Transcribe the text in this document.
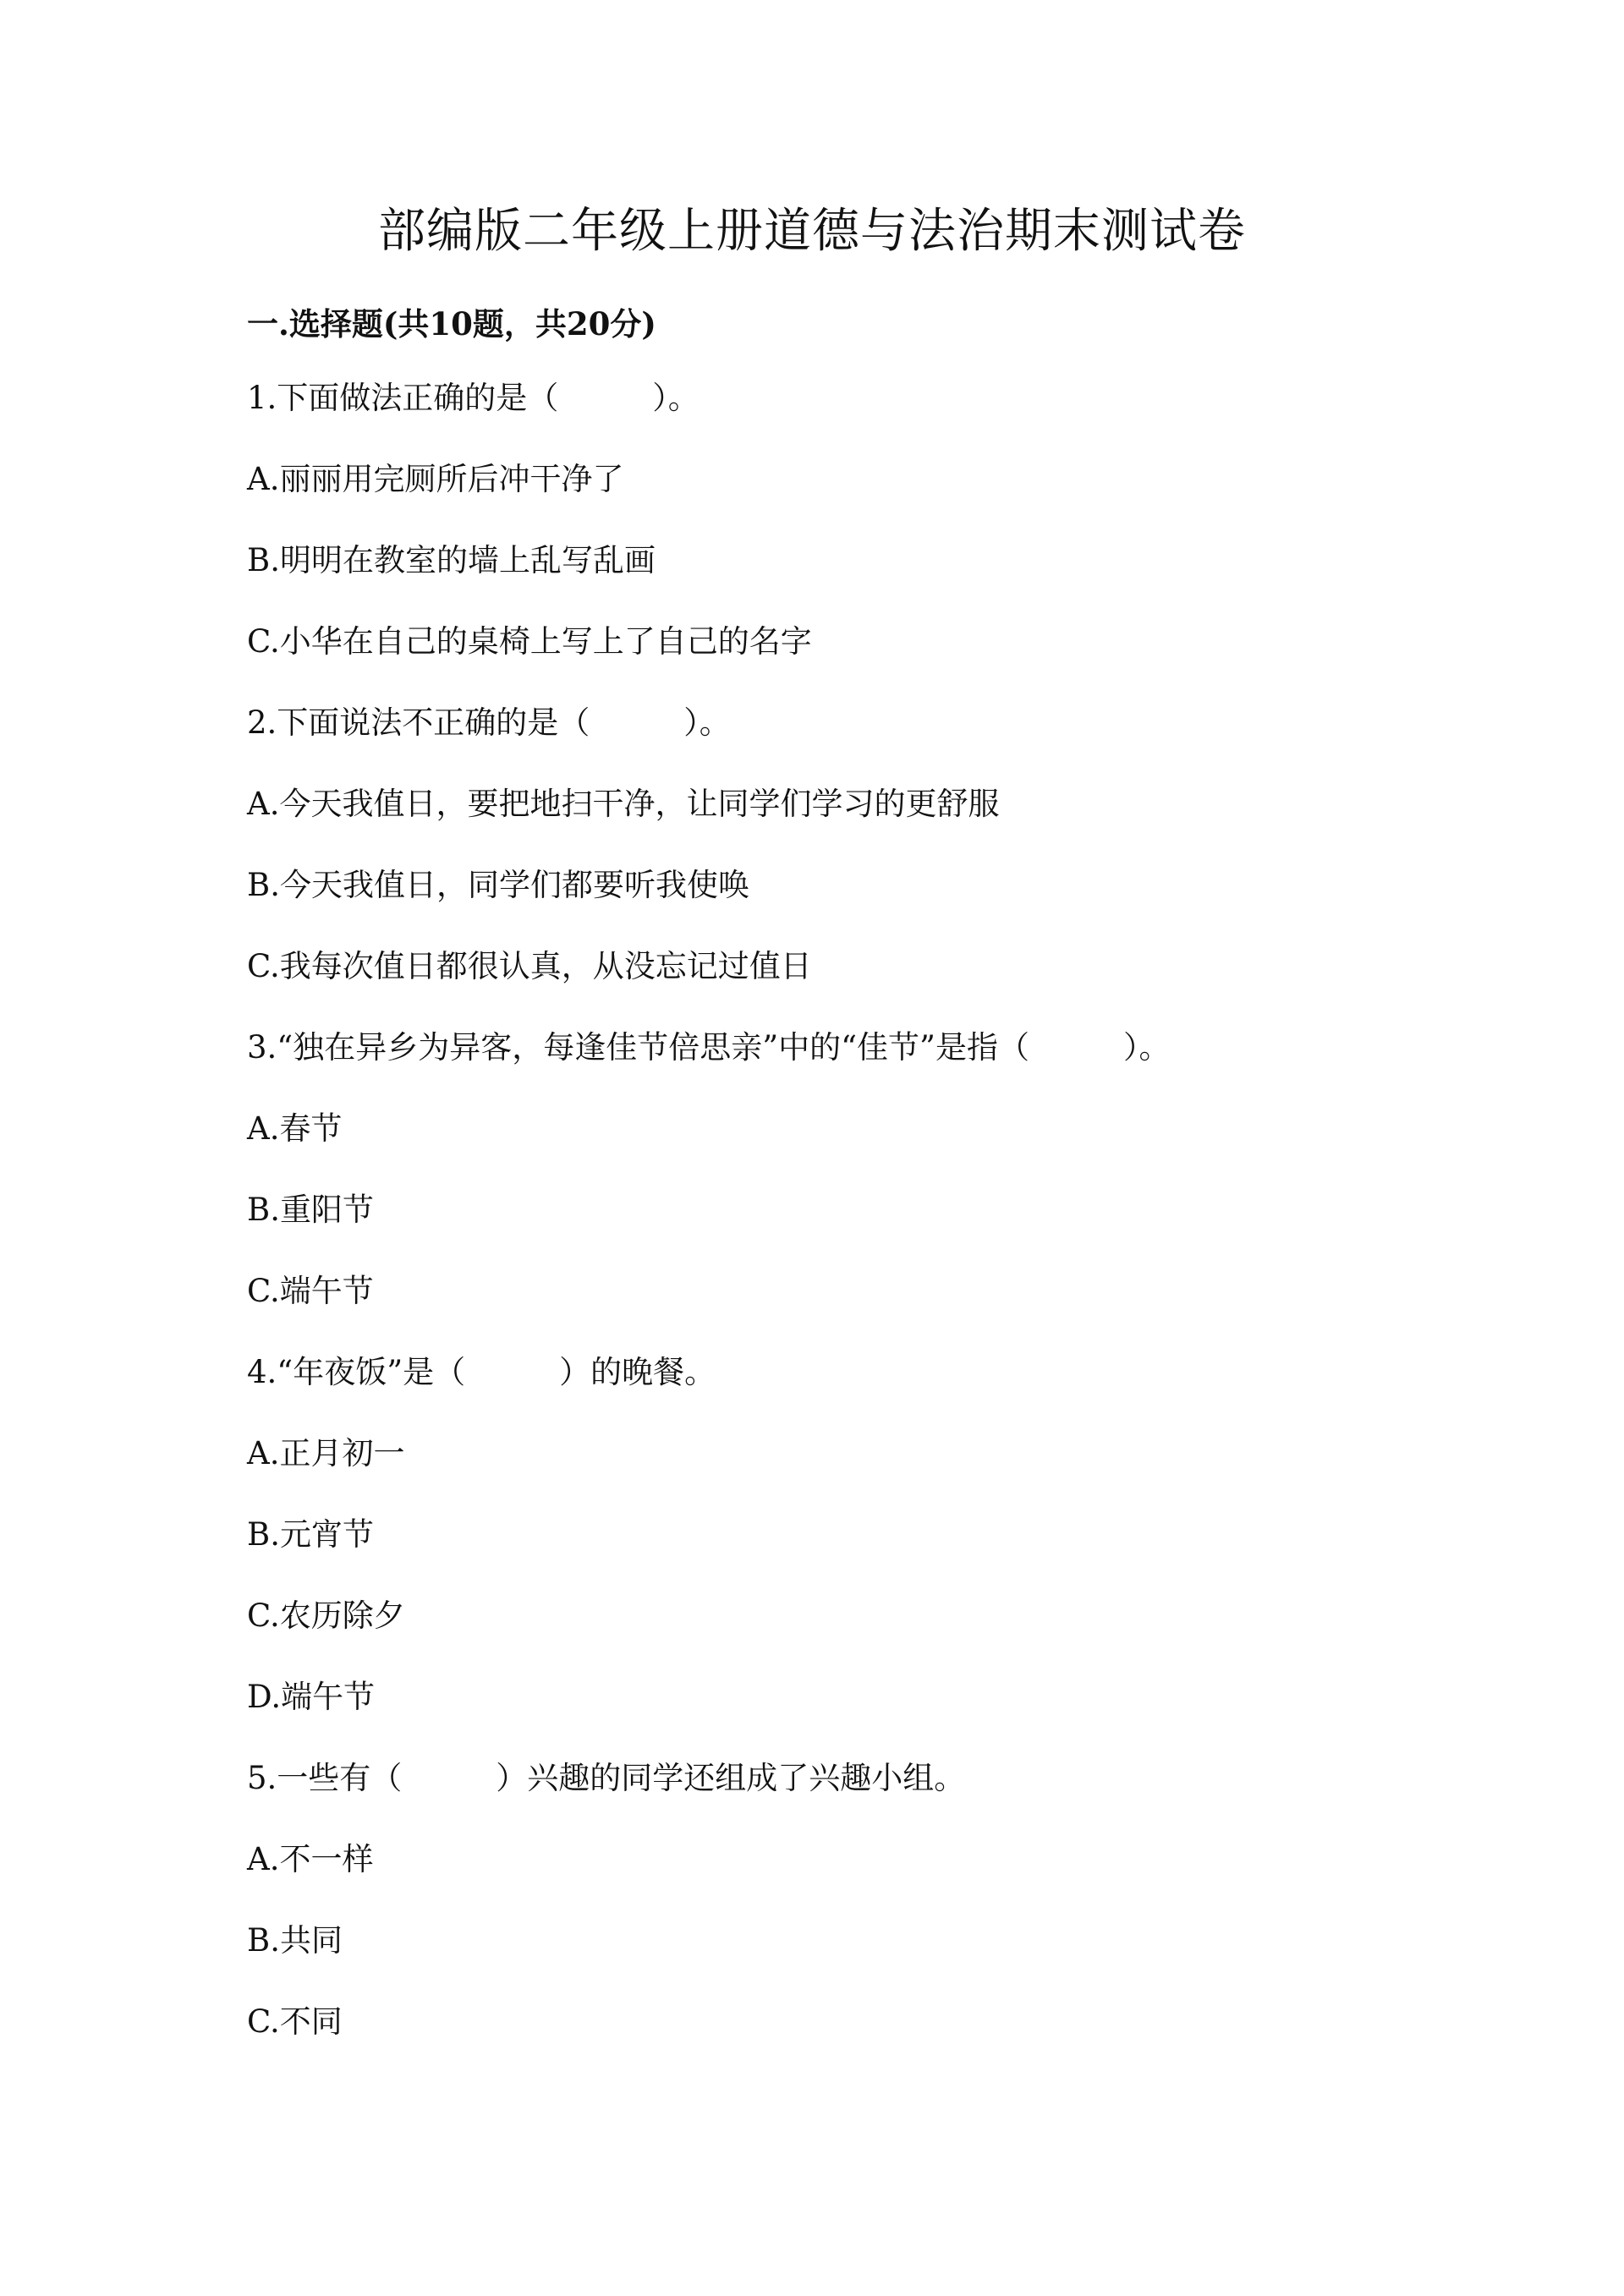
部编版二年级上册道德与法治期末测试卷
一.选择题(共10题，共20分)
1.下面做法正确的是（　　　）。
A.丽丽用完厕所后冲干净了
B.明明在教室的墙上乱写乱画
C.小华在自己的桌椅上写上了自己的名字
2.下面说法不正确的是（　　　）。
A.今天我值日，要把地扫干净，让同学们学习的更舒服
B.今天我值日，同学们都要听我使唤
C.我每次值日都很认真，从没忘记过值日
3.“独在异乡为异客，每逢佳节倍思亲”中的“佳节”是指（　　　）。
A.春节
B.重阳节
C.端午节
4.“年夜饭”是（　　　）的晚餐。
A.正月初一
B.元宵节
C.农历除夕
D.端午节
5.一些有（　　　）兴趣的同学还组成了兴趣小组。
A.不一样
B.共同
C.不同
